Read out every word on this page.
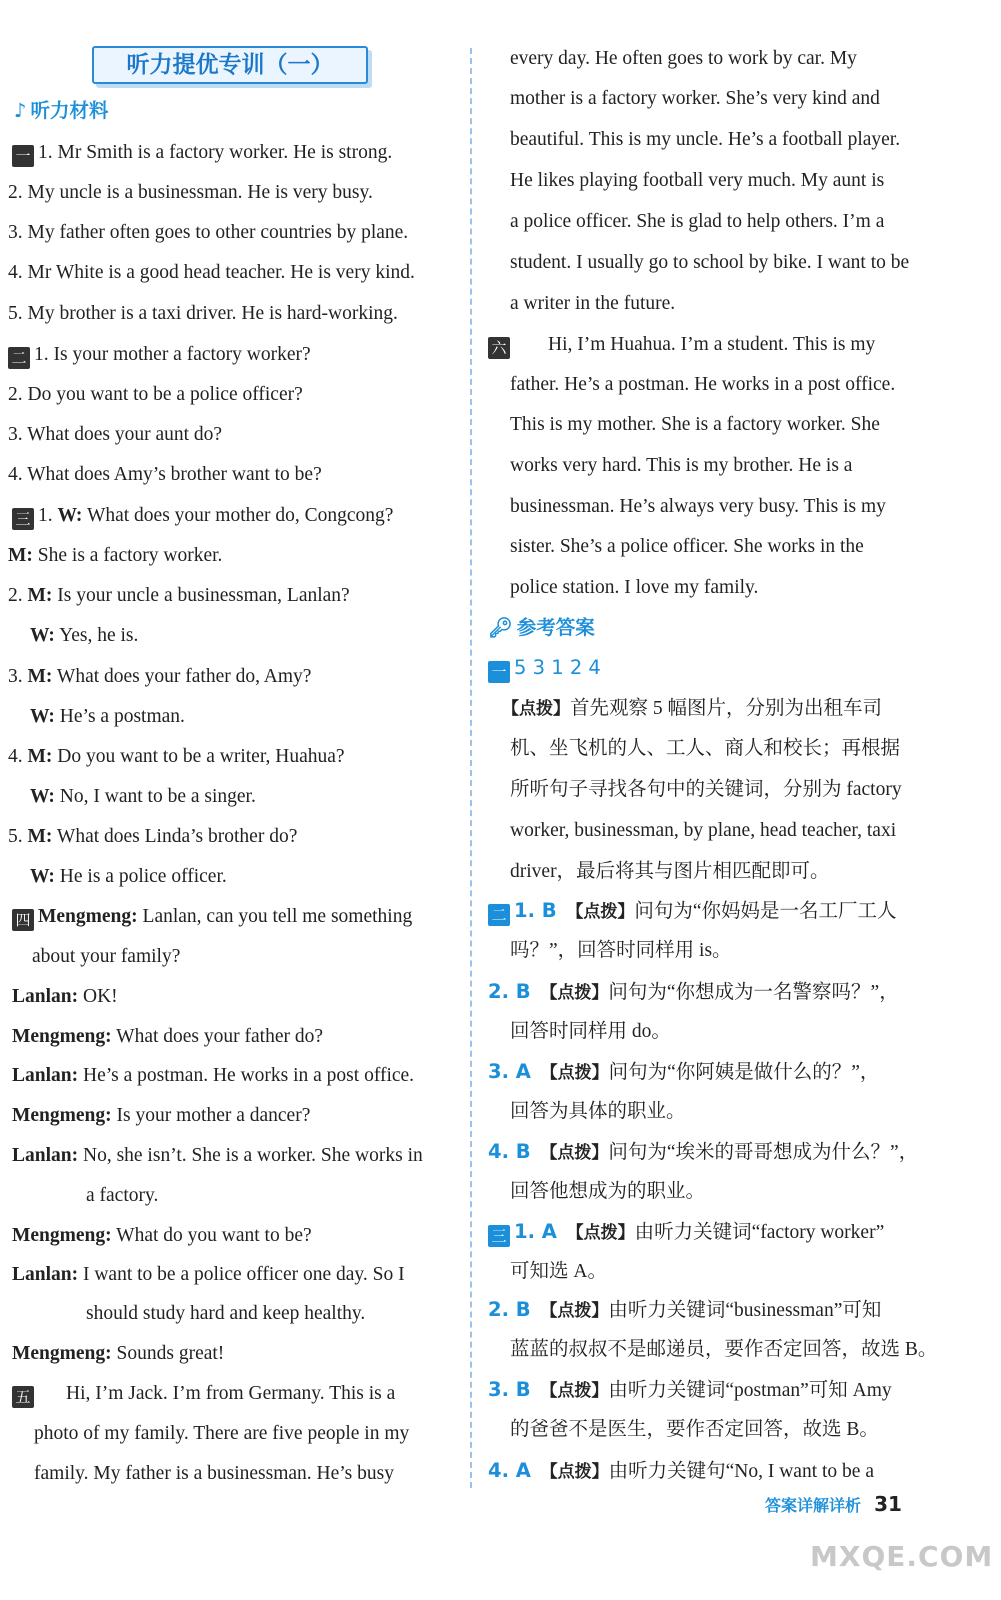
听力提优专训（一）
♪ 听力材料
一 1. Mr Smith is a factory worker. He is strong.
2. My uncle is a businessman. He is very busy.
3. My father often goes to other countries by plane.
4. Mr White is a good head teacher. He is very kind.
5. My brother is a taxi driver. He is hard-working.
二 1. Is your mother a factory worker?
2. Do you want to be a police officer?
3. What does your aunt do?
4. What does Amy’s brother want to be?
三 1. W: What does your mother do, Congcong?
M: She is a factory worker.
2. M: Is your uncle a businessman, Lanlan?
W: Yes, he is.
3. M: What does your father do, Amy?
W: He’s a postman.
4. M: Do you want to be a writer, Huahua?
W: No, I want to be a singer.
5. M: What does Linda’s brother do?
W: He is a police officer.
四 Mengmeng: Lanlan, can you tell me something
about your family?
Lanlan: OK!
Mengmeng: What does your father do?
Lanlan: He’s a postman. He works in a post office.
Mengmeng: Is your mother a dancer?
Lanlan: No, she isn’t. She is a worker. She works in
a factory.
Mengmeng: What do you want to be?
Lanlan: I want to be a police officer one day. So I
should study hard and keep healthy.
Mengmeng: Sounds great!
五 Hi, I’m Jack. I’m from Germany. This is a
photo of my family. There are five people in my
family. My father is a businessman. He’s busy
every day. He often goes to work by car. My
mother is a factory worker. She’s very kind and
beautiful. This is my uncle. He’s a football player.
He likes playing football very much. My aunt is
a police officer. She is glad to help others. I’m a
student. I usually go to school by bike. I want to be
a writer in the future.
六 Hi, I’m Huahua. I’m a student. This is my
father. He’s a postman. He works in a post office.
This is my mother. She is a factory worker. She
works very hard. This is my brother. He is a
businessman. He’s always very busy. This is my
sister. She’s a police officer. She works in the
police station. I love my family.
🔑︎ 参考答案
一 5 3 1 2 4
【点拨】首先观察 5 幅图片，分别为出租车司
机、坐飞机的人、工人、商人和校长；再根据
所听句子寻找各句中的关键词，分别为 factory
worker, businessman, by plane, head teacher, taxi
driver，最后将其与图片相匹配即可。
二 1. B 【点拨】问句为“你妈妈是一名工厂工人
吗？”，回答时同样用 is。
2. B 【点拨】问句为“你想成为一名警察吗？”，
回答时同样用 do。
3. A 【点拨】问句为“你阿姨是做什么的？”，
回答为具体的职业。
4. B 【点拨】问句为“埃米的哥哥想成为什么？”，
回答他想成为的职业。
三 1. A 【点拨】由听力关键词“factory worker”
可知选 A。
2. B 【点拨】由听力关键词“businessman”可知
蓝蓝的叔叔不是邮递员，要作否定回答，故选 B。
3. B 【点拨】由听力关键词“postman”可知 Amy
的爸爸不是医生，要作否定回答，故选 B。
4. A 【点拨】由听力关键句“No, I want to be a
答案详解详析 31
MXQE.COM
